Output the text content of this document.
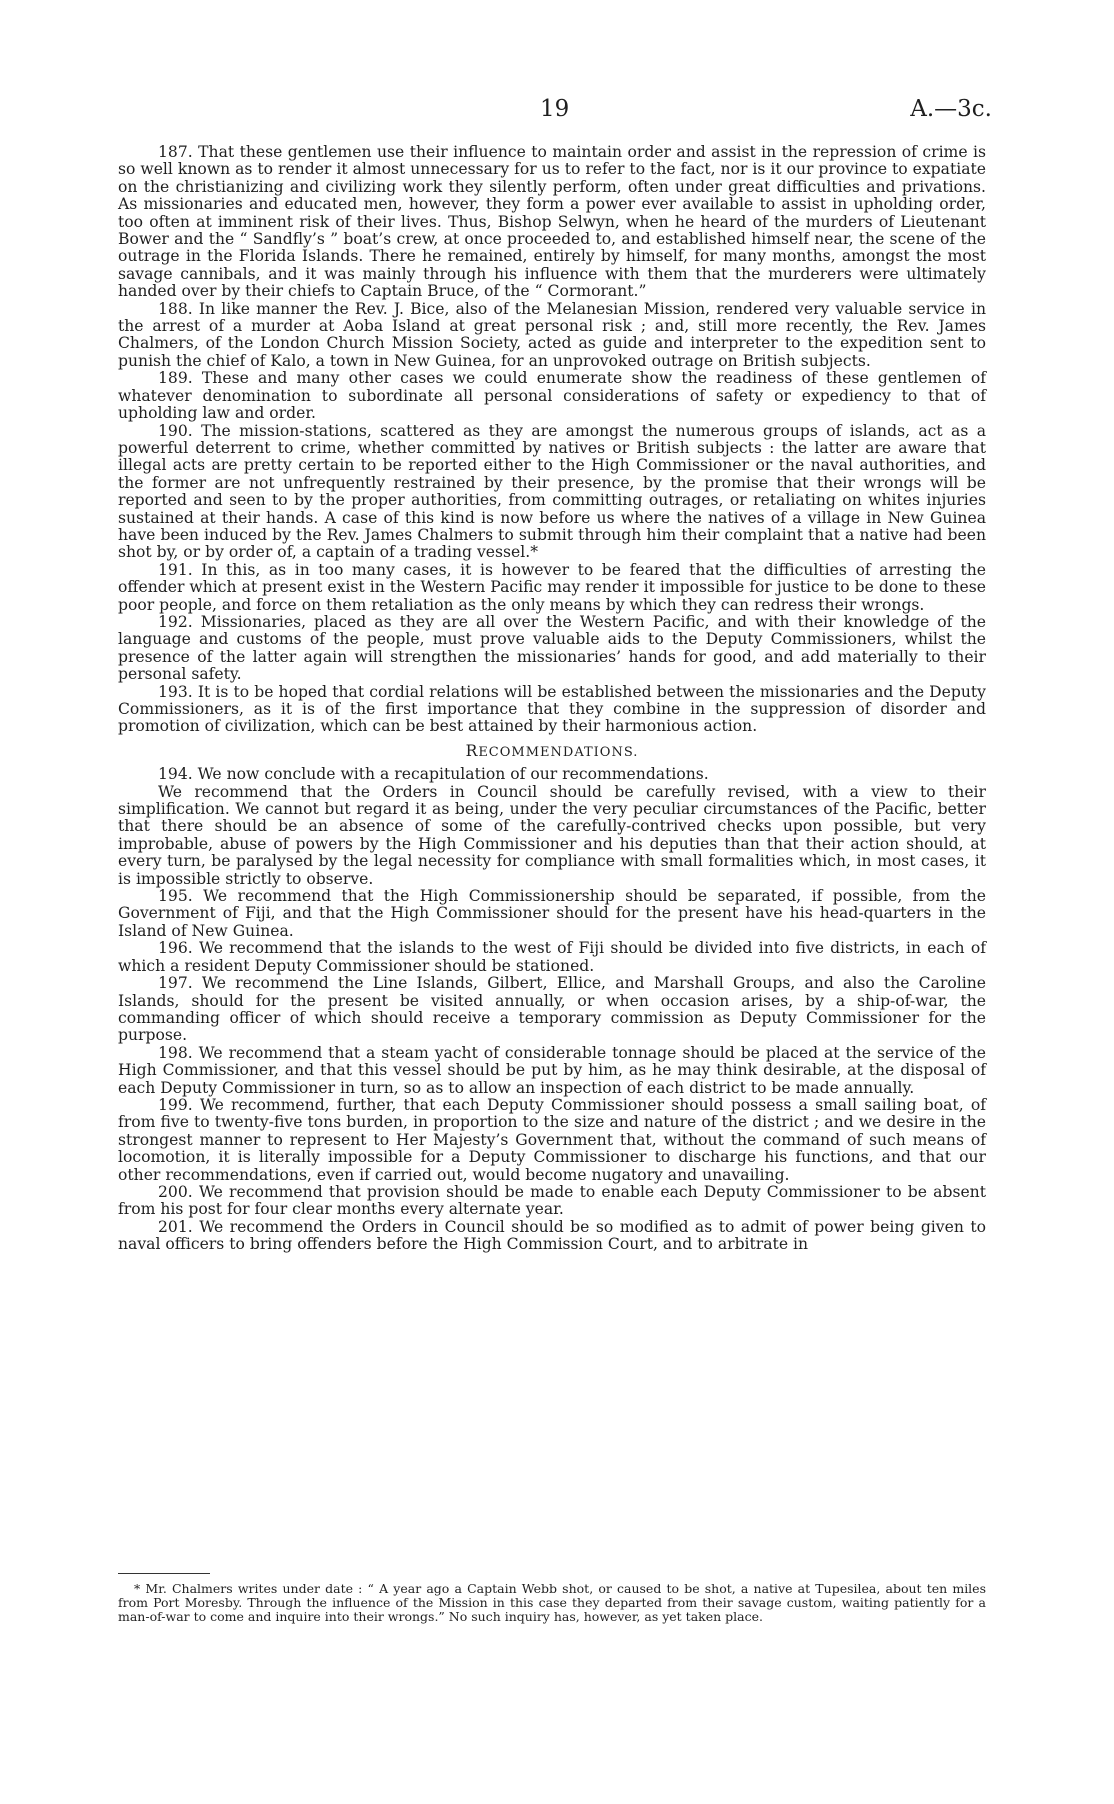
19	A.—3c.

187. That these gentlemen use their influence to maintain order and assist in the repression of crime is so well known as to render it almost unnecessary for us to refer to the fact, nor is it our province to expatiate on the christianizing and civilizing work they silently perform, often under great difficulties and privations. As missionaries and educated men, however, they form a power ever available to assist in upholding order, too often at imminent risk of their lives. Thus, Bishop Selwyn, when he heard of the murders of Lieutenant Bower and the “ Sandfly’s ” boat’s crew, at once proceeded to, and established himself near, the scene of the outrage in the Florida Islands. There he remained, entirely by himself, for many months, amongst the most savage cannibals, and it was mainly through his influence with them that the murderers were ultimately handed over by their chiefs to Captain Bruce, of the “ Cormorant.”

188. In like manner the Rev. J. Bice, also of the Melanesian Mission, rendered very valuable service in the arrest of a murder at Aoba Island at great personal risk ; and, still more recently, the Rev. James Chalmers, of the London Church Mission Society, acted as guide and interpreter to the expedition sent to punish the chief of Kalo, a town in New Guinea, for an unprovoked outrage on British subjects.

189. These and many other cases we could enumerate show the readiness of these gentlemen of whatever denomination to subordinate all personal considerations of safety or expediency to that of upholding law and order.

190. The mission-stations, scattered as they are amongst the numerous groups of islands, act as a powerful deterrent to crime, whether committed by natives or British subjects : the latter are aware that illegal acts are pretty certain to be reported either to the High Commissioner or the naval authorities, and the former are not unfrequently restrained by their presence, by the promise that their wrongs will be reported and seen to by the proper authorities, from committing outrages, or retaliating on whites injuries sustained at their hands. A case of this kind is now before us where the natives of a village in New Guinea have been induced by the Rev. James Chalmers to submit through him their complaint that a native had been shot by, or by order of, a captain of a trading vessel.*

191. In this, as in too many cases, it is however to be feared that the difficulties of arresting the offender which at present exist in the Western Pacific may render it impossible for justice to be done to these poor people, and force on them retaliation as the only means by which they can redress their wrongs.

192. Missionaries, placed as they are all over the Western Pacific, and with their knowledge of the language and customs of the people, must prove valuable aids to the Deputy Commissioners, whilst the presence of the latter again will strengthen the missionaries’ hands for good, and add materially to their personal safety.

193. It is to be hoped that cordial relations will be established between the missionaries and the Deputy Commissioners, as it is of the first importance that they combine in the suppression of disorder and promotion of civilization, which can be best attained by their harmonious action.

RECOMMENDATIONS.

194. We now conclude with a recapitulation of our recommendations.

We recommend that the Orders in Council should be carefully revised, with a view to their simplification. We cannot but regard it as being, under the very peculiar circumstances of the Pacific, better that there should be an absence of some of the carefully-contrived checks upon possible, but very improbable, abuse of powers by the High Commissioner and his deputies than that their action should, at every turn, be paralysed by the legal necessity for compliance with small formalities which, in most cases, it is impossible strictly to observe.

195. We recommend that the High Commissionership should be separated, if possible, from the Government of Fiji, and that the High Commissioner should for the present have his head-quarters in the Island of New Guinea.

196. We recommend that the islands to the west of Fiji should be divided into five districts, in each of which a resident Deputy Commissioner should be stationed.

197. We recommend the Line Islands, Gilbert, Ellice, and Marshall Groups, and also the Caroline Islands, should for the present be visited annually, or when occasion arises, by a ship-of-war, the commanding officer of which should receive a temporary commission as Deputy Commissioner for the purpose.

198. We recommend that a steam yacht of considerable tonnage should be placed at the service of the High Commissioner, and that this vessel should be put by him, as he may think desirable, at the disposal of each Deputy Commissioner in turn, so as to allow an inspection of each district to be made annually.

199. We recommend, further, that each Deputy Commissioner should possess a small sailing boat, of from five to twenty-five tons burden, in proportion to the size and nature of the district ; and we desire in the strongest manner to represent to Her Majesty’s Government that, without the command of such means of locomotion, it is literally impossible for a Deputy Commissioner to discharge his functions, and that our other recommendations, even if carried out, would become nugatory and unavailing.

200. We recommend that provision should be made to enable each Deputy Commissioner to be absent from his post for four clear months every alternate year.

201. We recommend the Orders in Council should be so modified as to admit of power being given to naval officers to bring offenders before the High Commission Court, and to arbitrate in

* Mr. Chalmers writes under date : “ A year ago a Captain Webb shot, or caused to be shot, a native at Tupesilea, about ten miles from Port Moresby. Through the influence of the Mission in this case they departed from their savage custom, waiting patiently for a man-of-war to come and inquire into their wrongs.” No such inquiry has, however, as yet taken place.
